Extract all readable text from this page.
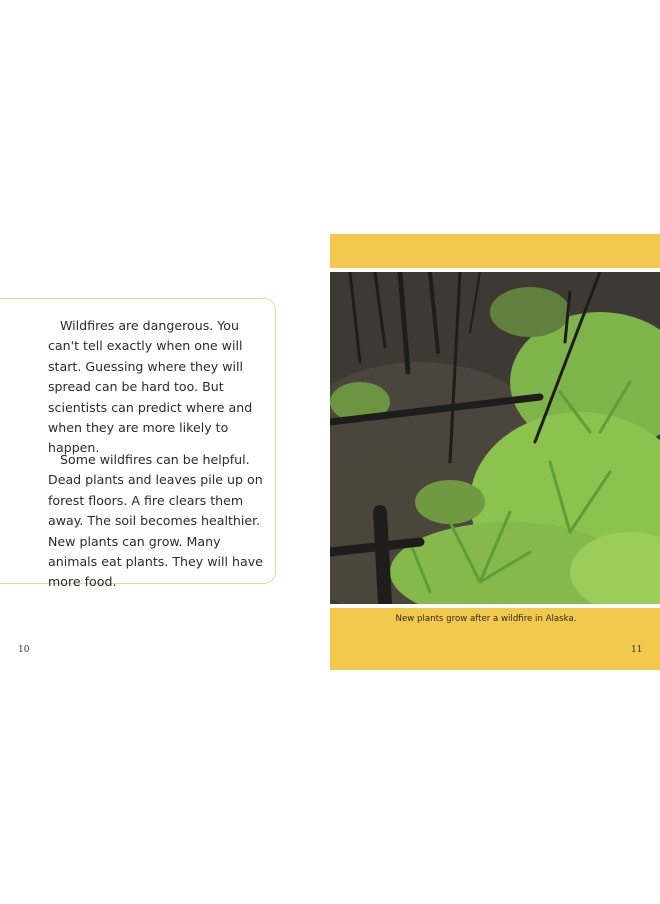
Wildfires are dangerous. You can't tell exactly when one will start. Guessing where they will spread can be hard too. But scientists can predict where and when they are more likely to happen.

Some wildfires can be helpful. Dead plants and leaves pile up on forest floors. A fire clears them away. The soil becomes healthier. New plants can grow. Many animals eat plants. They will have more food.

10
New plants grow after a wildfire in Alaska.
11
